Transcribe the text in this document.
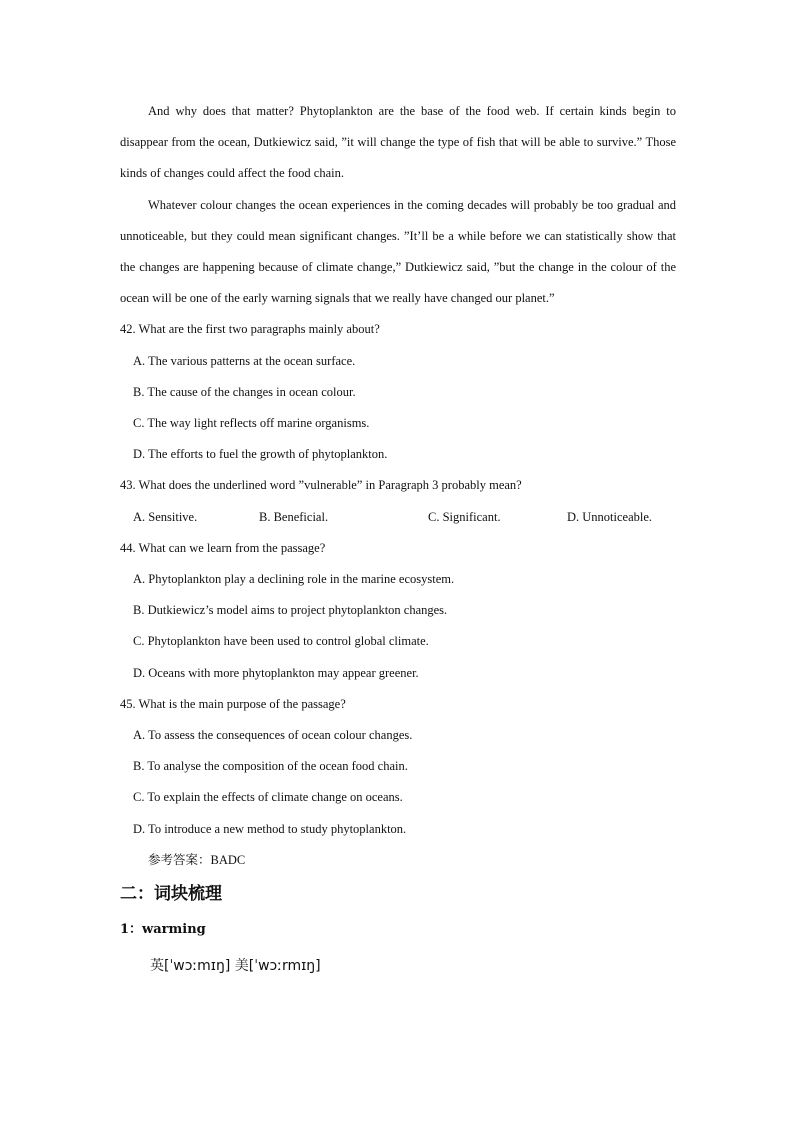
And why does that matter? Phytoplankton are the base of the food web. If certain kinds begin to disappear from the ocean, Dutkiewicz said, ”it will change the type of fish that will be able to survive.” Those kinds of changes could affect the food chain.

Whatever colour changes the ocean experiences in the coming decades will probably be too gradual and unnoticeable, but they could mean significant changes. ”It’ll be a while before we can statistically show that the changes are happening because of climate change,” Dutkiewicz said, ”but the change in the colour of the ocean will be one of the early warning signals that we really have changed our planet.”

42. What are the first two paragraphs mainly about?

A. The various patterns at the ocean surface.

B. The cause of the changes in ocean colour.

C. The way light reflects off marine organisms.

D. The efforts to fuel the growth of phytoplankton.

43. What does the underlined word ”vulnerable” in Paragraph 3 probably mean?

A. Sensitive.	B. Beneficial.	C. Significant.	D. Unnoticeable.

44. What can we learn from the passage?

A. Phytoplankton play a declining role in the marine ecosystem.

B. Dutkiewicz’s model aims to project phytoplankton changes.

C. Phytoplankton have been used to control global climate.

D. Oceans with more phytoplankton may appear greener.

45. What is the main purpose of the passage?

A. To assess the consequences of ocean colour changes.

B. To analyse the composition of the ocean food chain.

C. To explain the effects of climate change on oceans.

D. To introduce a new method to study phytoplankton.

参考答案：BADC

二：词块梳理

1：warming

英[ˈwɔːmɪŋ] 美[ˈwɔːrmɪŋ]
